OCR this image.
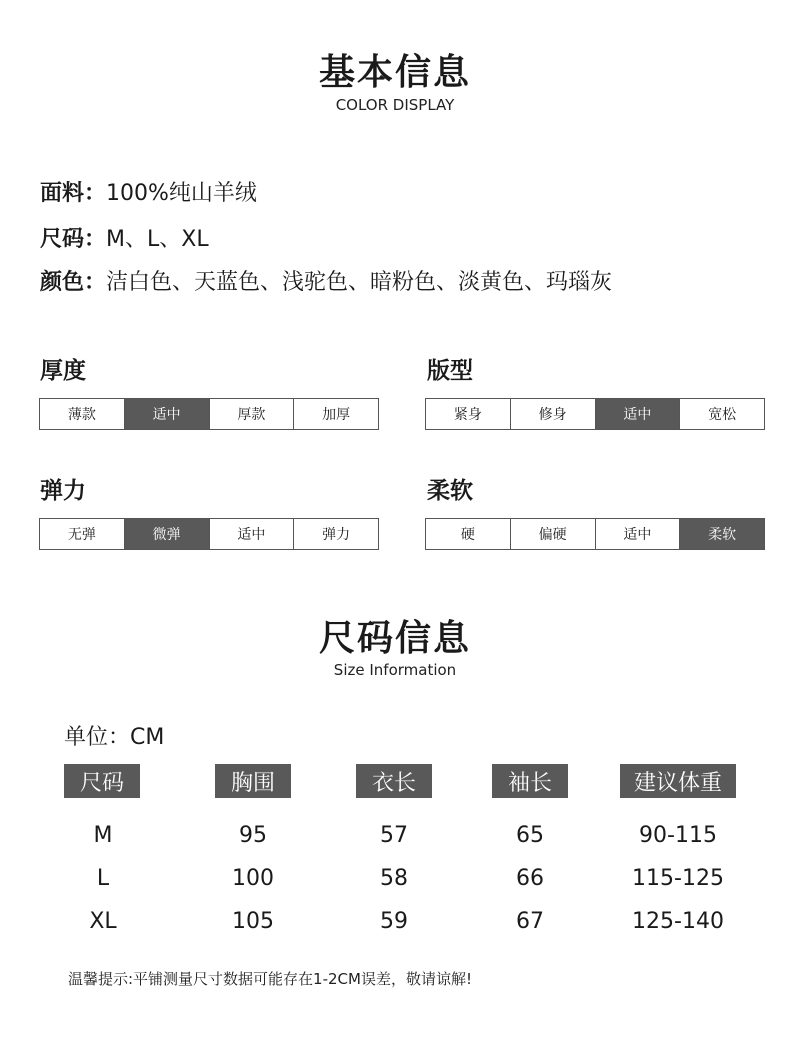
基本信息
COLOR DISPLAY
面料：100%纯山羊绒
尺码：M、L、XL
颜色：洁白色、天蓝色、浅驼色、暗粉色、淡黄色、玛瑙灰
厚度
薄款	适中	厚款	加厚
版型
紧身	修身	适中	宽松
弹力
无弹	微弹	适中	弹力
柔软
硬	偏硬	适中	柔软
尺码信息
Size Information
单位：CM
尺码	胸围	衣长	袖长	建议体重
M	95	57	65	90-115
L	100	58	66	115-125
XL	105	59	67	125-140
温馨提示:平铺测量尺寸数据可能存在1-2CM误差，敬请谅解!
